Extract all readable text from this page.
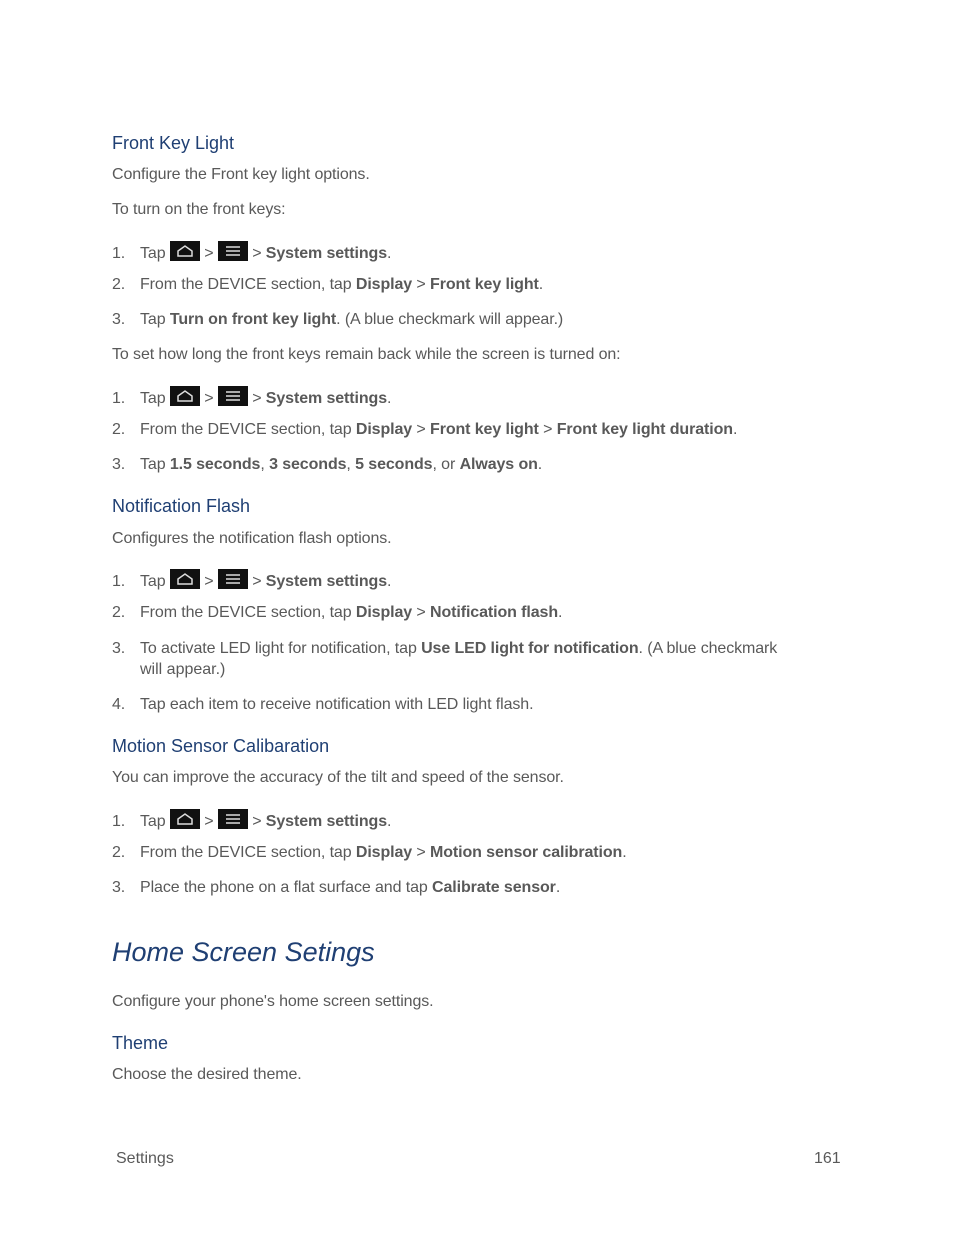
Front Key Light
Configure the Front key light options.
To turn on the front keys:
1. Tap > > System settings.
2. From the DEVICE section, tap Display > Front key light.
3. Tap Turn on front key light. (A blue checkmark will appear.)
To set how long the front keys remain back while the screen is turned on:
1. Tap > > System settings.
2. From the DEVICE section, tap Display > Front key light > Front key light duration.
3. Tap 1.5 seconds, 3 seconds, 5 seconds, or Always on.
Notification Flash
Configures the notification flash options.
1. Tap > > System settings.
2. From the DEVICE section, tap Display > Notification flash.
3. To activate LED light for notification, tap Use LED light for notification. (A blue checkmark
will appear.)
4. Tap each item to receive notification with LED light flash.
Motion Sensor Calibaration
You can improve the accuracy of the tilt and speed of the sensor.
1. Tap > > System settings.
2. From the DEVICE section, tap Display > Motion sensor calibration.
3. Place the phone on a flat surface and tap Calibrate sensor.
Home Screen Setings
Configure your phone's home screen settings.
Theme
Choose the desired theme.
Settings	161
